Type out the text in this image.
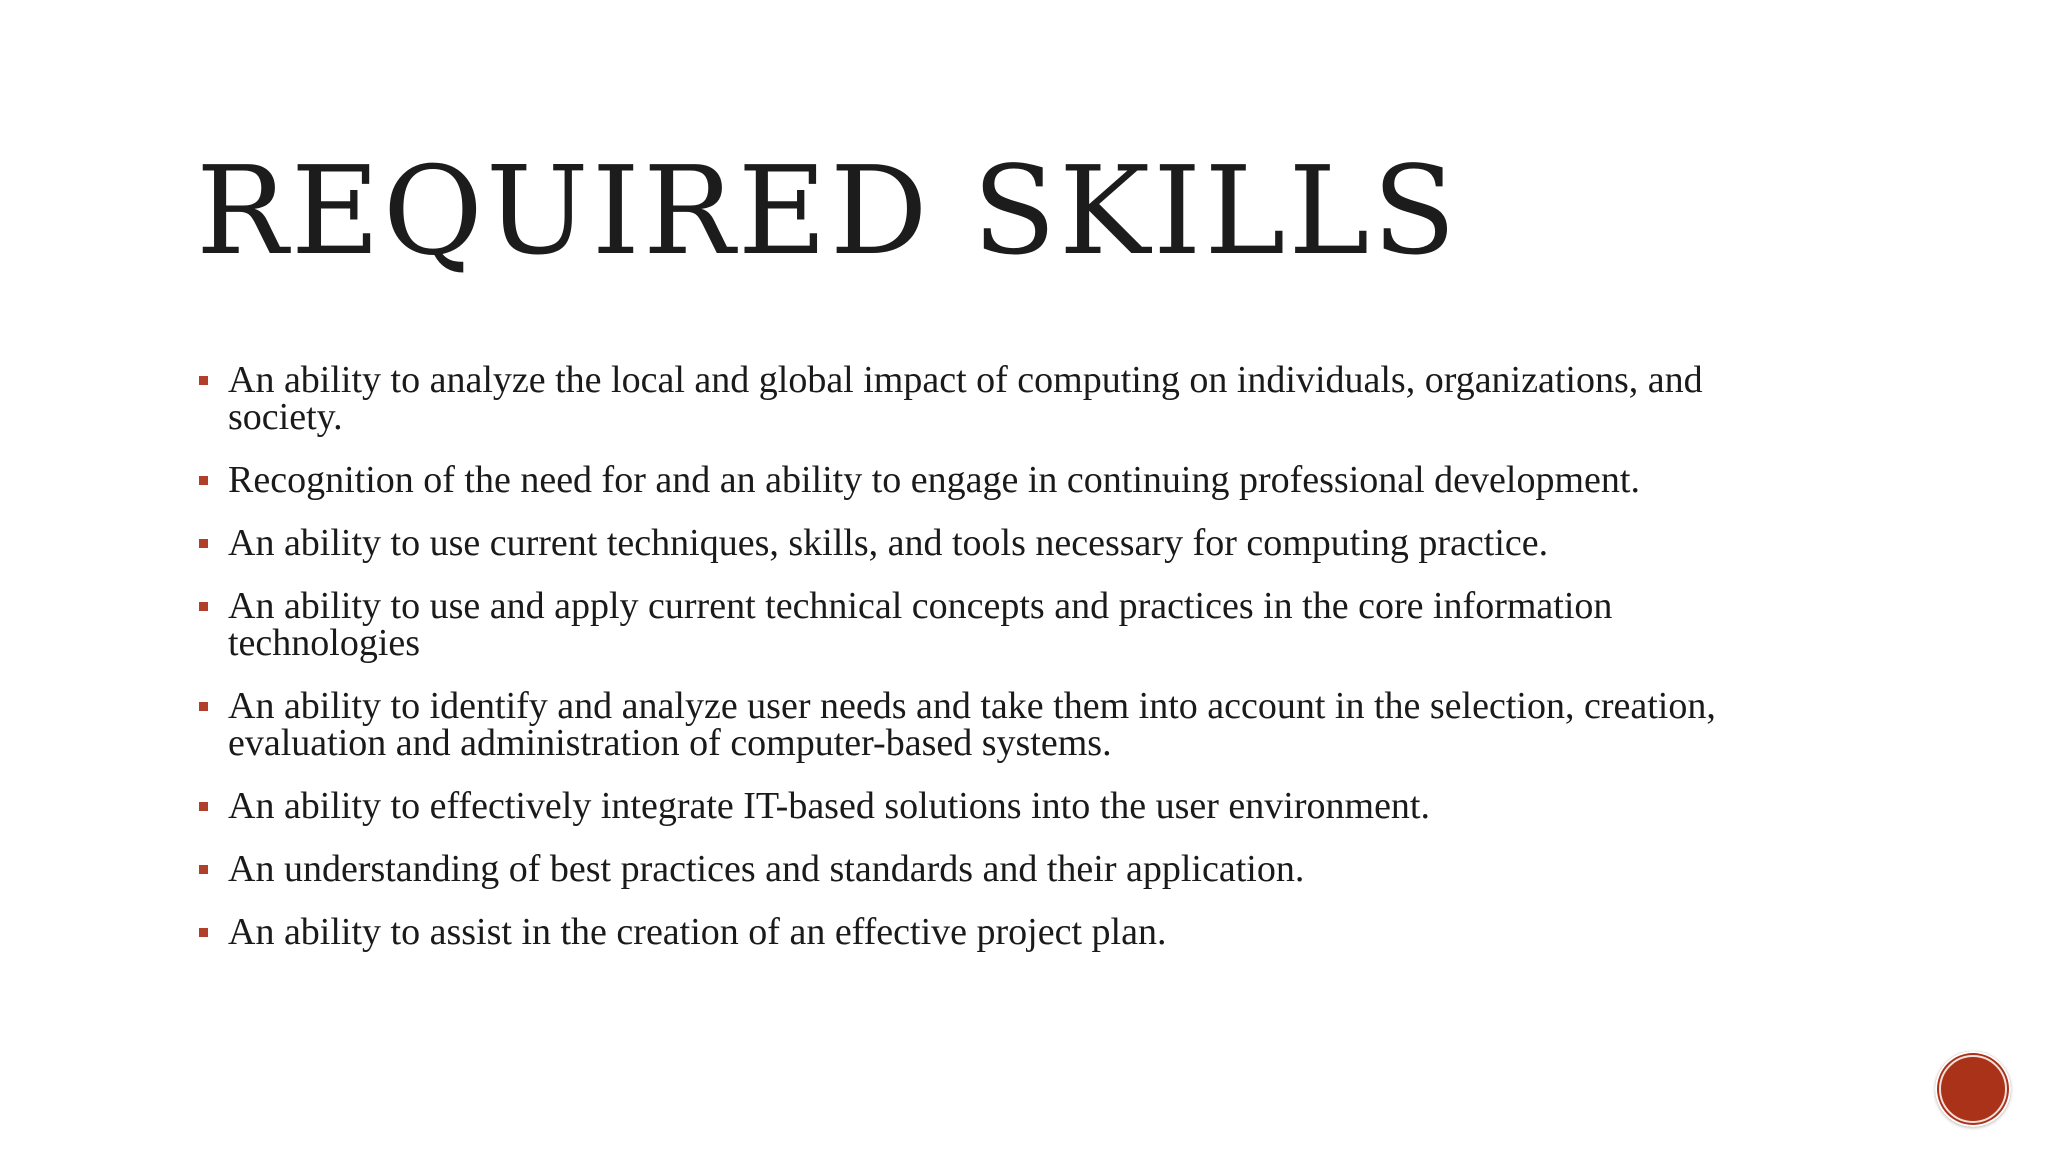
REQUIRED SKILLS
An ability to analyze the local and global impact of computing on individuals, organizations, and society.
Recognition of the need for and an ability to engage in continuing professional development.
An ability to use current techniques, skills, and tools necessary for computing practice.
An ability to use and apply current technical concepts and practices in the core information technologies
An ability to identify and analyze user needs and take them into account in the selection, creation, evaluation and administration of computer-based systems.
An ability to effectively integrate IT-based solutions into the user environment.
An understanding of best practices and standards and their application.
An ability to assist in the creation of an effective project plan.
